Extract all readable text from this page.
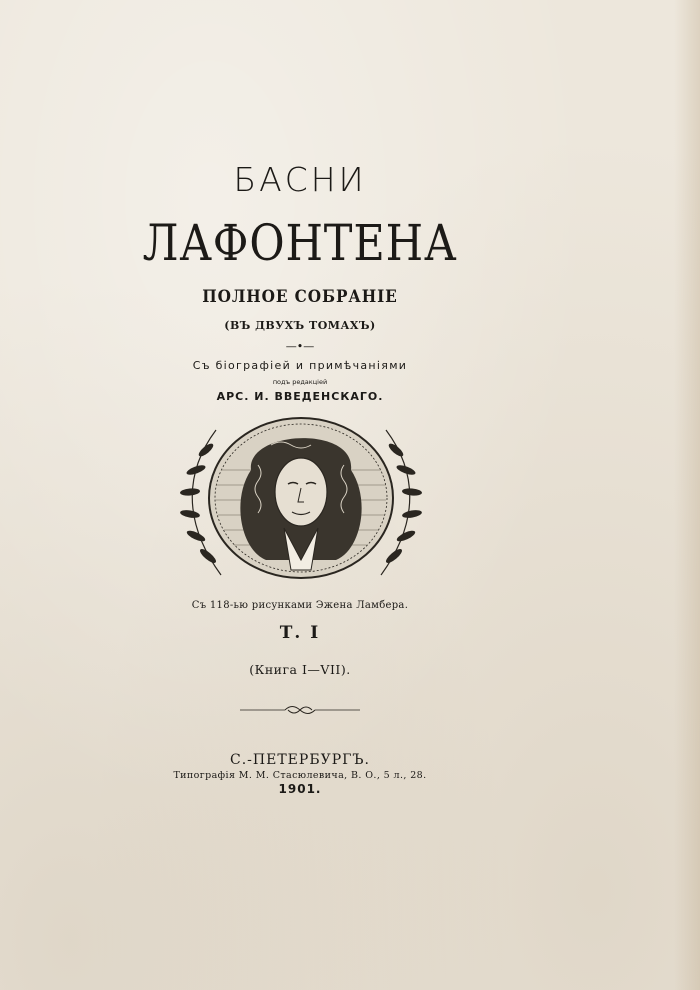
БАСНИ
ЛАФОНТЕНА
ПОЛНОЕ СОБРАНІЕ
(ВЪ ДВУХЪ ТОМАХЪ)
—•—
Съ біографіей и примѣчаніями
подъ редакціей
АРС. И. ВВЕДЕНСКАГО.
Съ 118-ью рисунками Эжена Ламбера.
Т. I
(Книга I—VII).
С.-ПЕТЕРБУРГЪ.
Типографія М. М. Стасюлевича, В. О., 5 л., 28.
1901.
